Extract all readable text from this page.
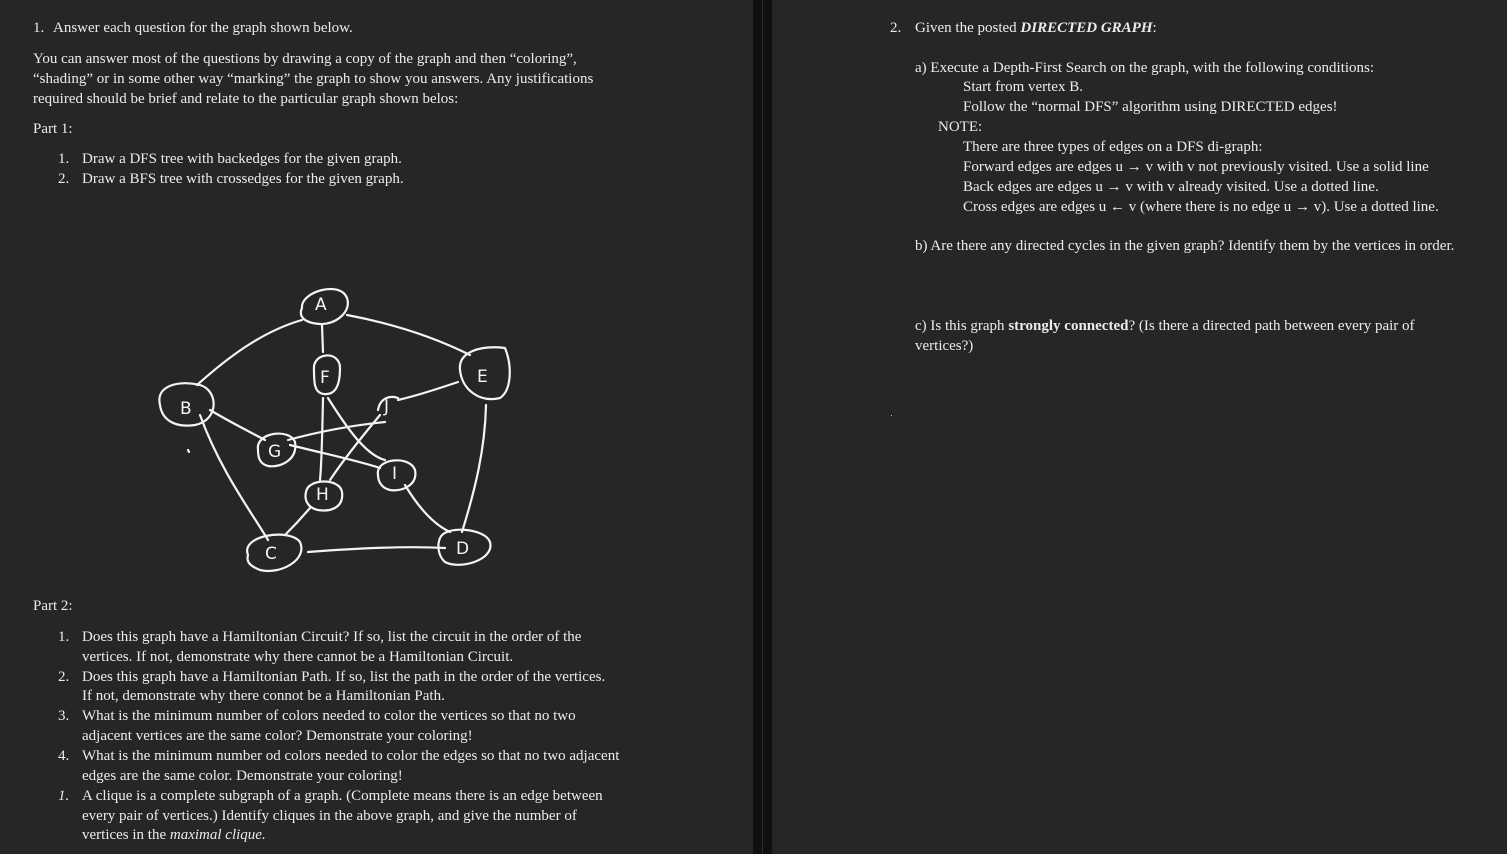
1. Answer each question for the graph shown below.
You can answer most of the questions by drawing a copy of the graph and then “coloring”,
“shading” or in some other way “marking” the graph to show you answers. Any justifications
required should be brief and relate to the particular graph shown belos:
Part 1:
1. Draw a DFS tree with backedges for the given graph.
2. Draw a BFS tree with crossedges for the given graph.
A
B
C	D
E
F
G
H
I
J
Part 2:
1. Does this graph have a Hamiltonian Circuit? If so, list the circuit in the order of the
vertices. If not, demonstrate why there cannot be a Hamiltonian Circuit.
2. Does this graph have a Hamiltonian Path. If so, list the path in the order of the vertices.
If not, demonstrate why there connot be a Hamiltonian Path.
3. What is the minimum number of colors needed to color the vertices so that no two
adjacent vertices are the same color? Demonstrate your coloring!
4. What is the minimum number od colors needed to color the edges so that no two adjacent
edges are the same color. Demonstrate your coloring!
1. A clique is a complete subgraph of a graph. (Complete means there is an edge between
every pair of vertices.) Identify cliques in the above graph, and give the number of
vertices in the maximal clique.
2. Given the posted DIRECTED GRAPH:
a) Execute a Depth-First Search on the graph, with the following conditions:
Start from vertex B.
Follow the “normal DFS” algorithm using DIRECTED edges!
NOTE:
There are three types of edges on a DFS di-graph:
Forward edges are edges u → v with v not previously visited. Use a solid line
Back edges are edges u → v with v already visited. Use a dotted line.
Cross edges are edges u ← v (where there is no edge u → v). Use a dotted line.
b) Are there any directed cycles in the given graph? Identify them by the vertices in order.
c) Is this graph strongly connected? (Is there a directed path between every pair of
vertices?)
